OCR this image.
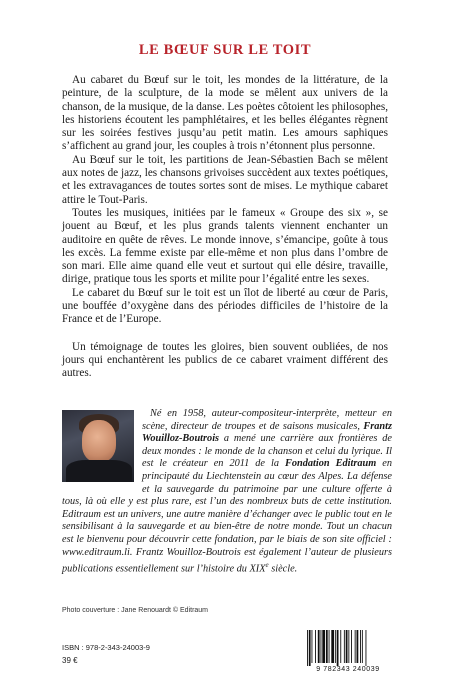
LE BŒUF SUR LE TOIT

Au cabaret du Bœuf sur le toit, les mondes de la littérature, de la peinture, de la sculpture, de la mode se mêlent aux univers de la chanson, de la musique, de la danse. Les poètes côtoient les philosophes, les historiens écoutent les pamphlétaires, et les belles élégantes règnent sur les soirées festives jusqu’au petit matin. Les amours saphiques s’affichent au grand jour, les couples à trois n’étonnent plus personne.

Au Bœuf sur le toit, les partitions de Jean-Sébastien Bach se mêlent aux notes de jazz, les chansons grivoises succèdent aux textes poétiques, et les extravagances de toutes sortes sont de mises. Le mythique cabaret attire le Tout-Paris.

Toutes les musiques, initiées par le fameux « Groupe des six », se jouent au Bœuf, et les plus grands talents viennent enchanter un auditoire en quête de rêves. Le monde innove, s’émancipe, goûte à tous les excès. La femme existe par elle-même et non plus dans l’ombre de son mari. Elle aime quand elle veut et surtout qui elle désire, travaille, dirige, pratique tous les sports et milite pour l’égalité entre les sexes.

Le cabaret du Bœuf sur le toit est un îlot de liberté au cœur de Paris, une bouffée d’oxygène dans des périodes difficiles de l’histoire de la France et de l’Europe.

Un témoignage de toutes les gloires, bien souvent oubliées, de nos jours qui enchantèrent les publics de ce cabaret vraiment différent des autres.

Né en 1958, auteur-compositeur-interprète, metteur en scène, directeur de troupes et de saisons musicales, Frantz Wouilloz-Boutrois a mené une carrière aux frontières de deux mondes : le monde de la chanson et celui du lyrique. Il est le créateur en 2011 de la Fondation Editraum en principauté du Liechtenstein au cœur des Alpes. La défense et la sauvegarde du patrimoine par une culture offerte à tous, là où elle y est plus rare, est l’un des nombreux buts de cette institution. Editraum est un univers, une autre manière d’échanger avec le public tout en le sensibilisant à la sauvegarde et au bien-être de notre monde. Tout un chacun est le bienvenu pour découvrir cette fondation, par le biais de son site officiel : www.editraum.li. Frantz Wouilloz-Boutrois est également l’auteur de plusieurs publications essentiellement sur l’histoire du XIXe siècle.

Photo couverture : Jane Renouardt © Editraum
ISBN : 978-2-343-24003-9
39 €
9 782343 240039
